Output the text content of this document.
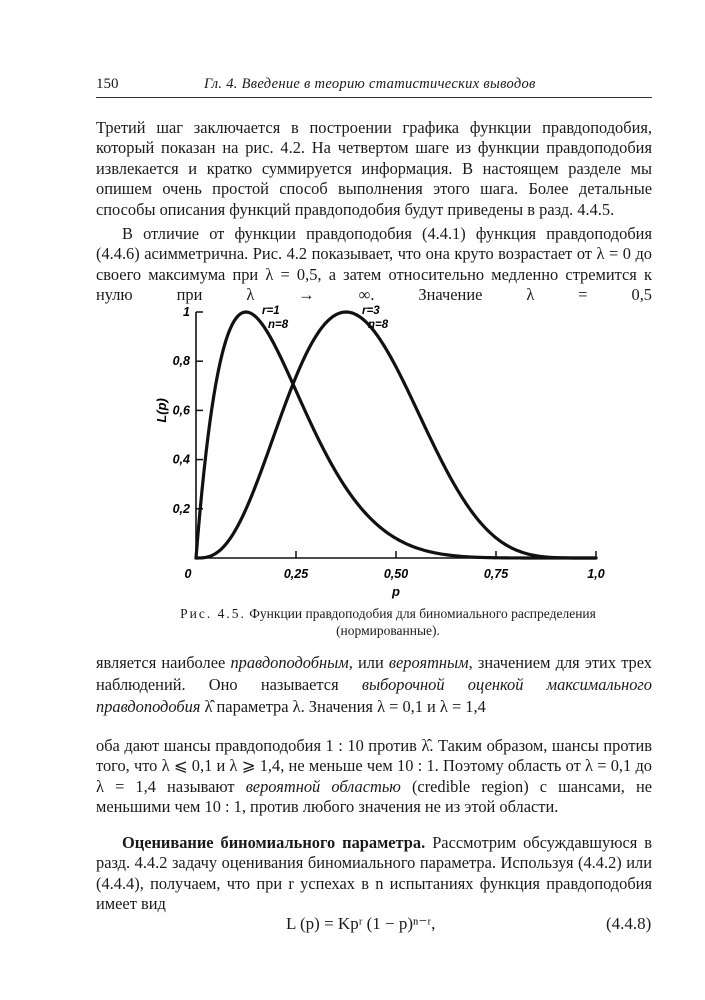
150	Гл. 4. Введение в теорию статистических выводов
Третий шаг заключается в построении графика функции правдоподобия, который показан на рис. 4.2. На четвертом шаге из функции правдоподобия извлекается и кратко суммируется информация. В настоящем разделе мы опишем очень простой способ выполнения этого шага. Более детальные способы описания функций правдоподобия будут приведены в разд. 4.4.5.
В отличие от функции правдоподобия (4.4.1) функция правдоподобия (4.4.6) асимметрична. Рис. 4.2 показывает, что она круто возрастает от λ = 0 до своего максимума при λ = 0,5, а затем относительно медленно стремится к нулю при λ → ∞. Значение λ = 0,5
0	0,25	0,50	0,75	1,0
0,2
0,4
0,6
0,8
1
p
L(p)
r=1
n=8
r=3
n=8
Рис. 4.5. Функции правдоподобия для биномиального распределения (нормированные).
является наиболее правдоподобным, или вероятным, значением для этих трех наблюдений. Оно называется выборочной оценкой максимального правдоподобия λ̂ параметра λ. Значения λ = 0,1 и λ = 1,4
оба дают шансы правдоподобия 1 : 10 против λ̂. Таким образом, шансы против того, что λ ⩽ 0,1 и λ ⩾ 1,4, не меньше чем 10 : 1. Поэтому область от λ = 0,1 до λ = 1,4 называют вероятной областью (credible region) с шансами, не меньшими чем 10 : 1, против любого значения не из этой области.
Оценивание биномиального параметра. Рассмотрим обсуждавшуюся в разд. 4.4.2 задачу оценивания биномиального параметра. Используя (4.4.2) или (4.4.4), получаем, что при r успехах в n испытаниях функция правдоподобия имеет вид
L (p) = Kpʳ (1 − p)ⁿ⁻ʳ,	(4.4.8)
